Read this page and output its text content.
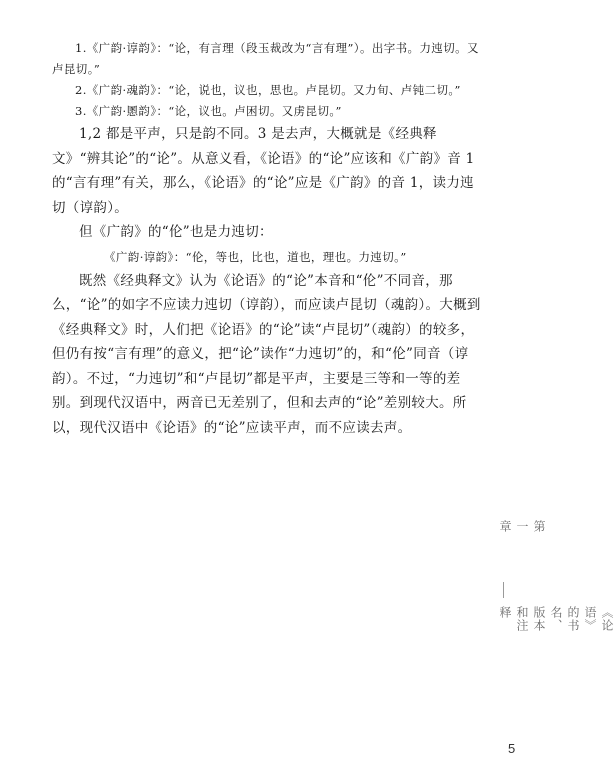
1.《广韵·谆韵》：“论，有言理（段玉裁改为“言有理”）。出字书。力迍切。又卢昆切。”

2.《广韵·魂韵》：“论，说也，议也，思也。卢昆切。又力旬、卢钝二切。”

3.《广韵·慁韵》：“论，议也。卢困切。又虏昆切。”

1,2 都是平声，只是韵不同。3 是去声，大概就是《经典释文》“辨其论”的“论”。从意义看，《论语》的“论”应该和《广韵》音 1 的“言有理”有关，那么，《论语》的“论”应是《广韵》的音 1，读力迍切（谆韵）。

但《广韵》的“伦”也是力迍切：

《广韵·谆韵》：“伦，等也，比也，道也，理也。力迍切。”

既然《经典释文》认为《论语》的“论”本音和“伦”不同音，那么，“论”的如字不应读力迍切（谆韵），而应读卢昆切（魂韵）。大概到《经典释文》时，人们把《论语》的“论”读“卢昆切”（魂韵）的较多，但仍有按“言有理”的意义，把“论”读作“力迍切”的，和“伦”同音（谆韵）。不过，“力迍切”和“卢昆切”都是平声，主要是三等和一等的差别。到现代汉语中，两音已无差别了，但和去声的“论”差别较大。所以，现代汉语中《论语》的“论”应读平声，而不应读去声。

第一章
《论语》的书名、版本和注释
5
